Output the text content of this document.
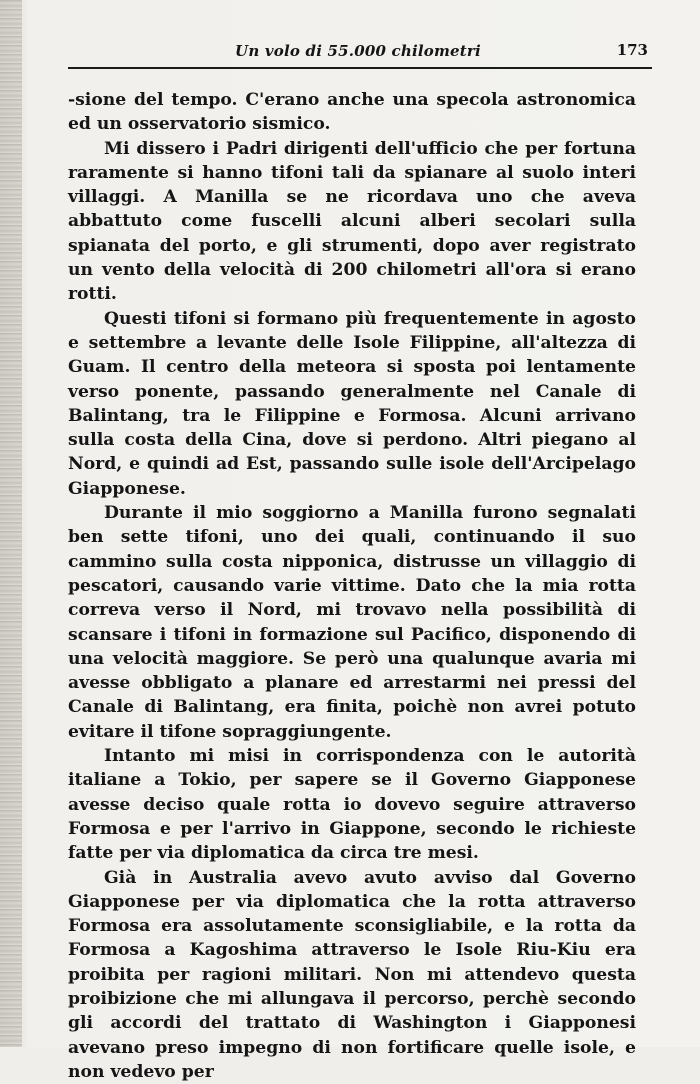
Un volo di 55.000 chilometri	173

-sione del tempo. C'erano anche una specola astronomica ed un osservatorio sismico.

Mi dissero i Padri dirigenti dell'ufficio che per fortuna raramente si hanno tifoni tali da spianare al suolo interi villaggi. A Manilla se ne ricordava uno che aveva abbattuto come fuscelli alcuni alberi secolari sulla spianata del porto, e gli strumenti, dopo aver registrato un vento della velocità di 200 chilometri all'ora si erano rotti.

Questi tifoni si formano più frequentemente in agosto e settembre a levante delle Isole Filippine, all'altezza di Guam. Il centro della meteora si sposta poi lentamente verso ponente, passando generalmente nel Canale di Balintang, tra le Filippine e Formosa. Alcuni arrivano sulla costa della Cina, dove si perdono. Altri piegano al Nord, e quindi ad Est, passando sulle isole dell'Arcipelago Giapponese.

Durante il mio soggiorno a Manilla furono segnalati ben sette tifoni, uno dei quali, continuando il suo cammino sulla costa nipponica, distrusse un villaggio di pescatori, causando varie vittime. Dato che la mia rotta correva verso il Nord, mi trovavo nella possibilità di scansare i tifoni in formazione sul Pacifico, disponendo di una velocità maggiore. Se però una qualunque avaria mi avesse obbligato a planare ed arrestarmi nei pressi del Canale di Balintang, era finita, poichè non avrei potuto evitare il tifone sopraggiungente.

Intanto mi misi in corrispondenza con le autorità italiane a Tokio, per sapere se il Governo Giapponese avesse deciso quale rotta io dovevo seguire attraverso Formosa e per l'arrivo in Giappone, secondo le richieste fatte per via diplomatica da circa tre mesi.

Già in Australia avevo avuto avviso dal Governo Giapponese per via diplomatica che la rotta attraverso Formosa era assolutamente sconsigliabile, e la rotta da Formosa a Kagoshima attraverso le Isole Riu-Kiu era proibita per ragioni militari. Non mi attendevo questa proibizione che mi allungava il percorso, perchè secondo gli accordi del trattato di Washington i Giapponesi avevano preso impegno di non fortificare quelle isole, e non vedevo per
